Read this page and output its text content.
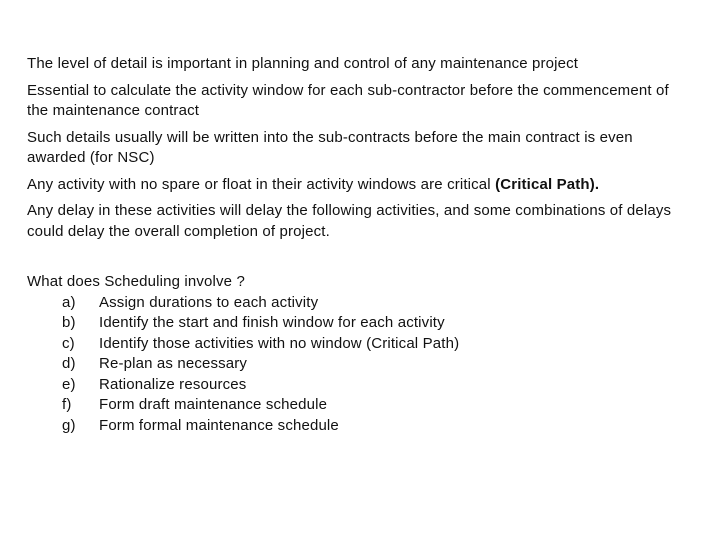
The level of detail is important in planning and control of any maintenance project

Essential to calculate the activity window for each sub-contractor before the commencement of the maintenance contract

Such details usually will be written into the sub-contracts before the main contract is even awarded (for NSC)

Any activity with no spare or float in their activity windows are critical (Critical Path).

Any delay in these activities will delay the following activities, and some combinations of delays could delay the overall completion of project.

What does Scheduling involve ?

a)	Assign durations to each activity
b)	Identify the start and finish window for each activity
c)	Identify those activities with no window (Critical Path)
d)	Re-plan as necessary
e)	Rationalize resources
f)	Form draft maintenance schedule
g)	Form formal maintenance schedule
